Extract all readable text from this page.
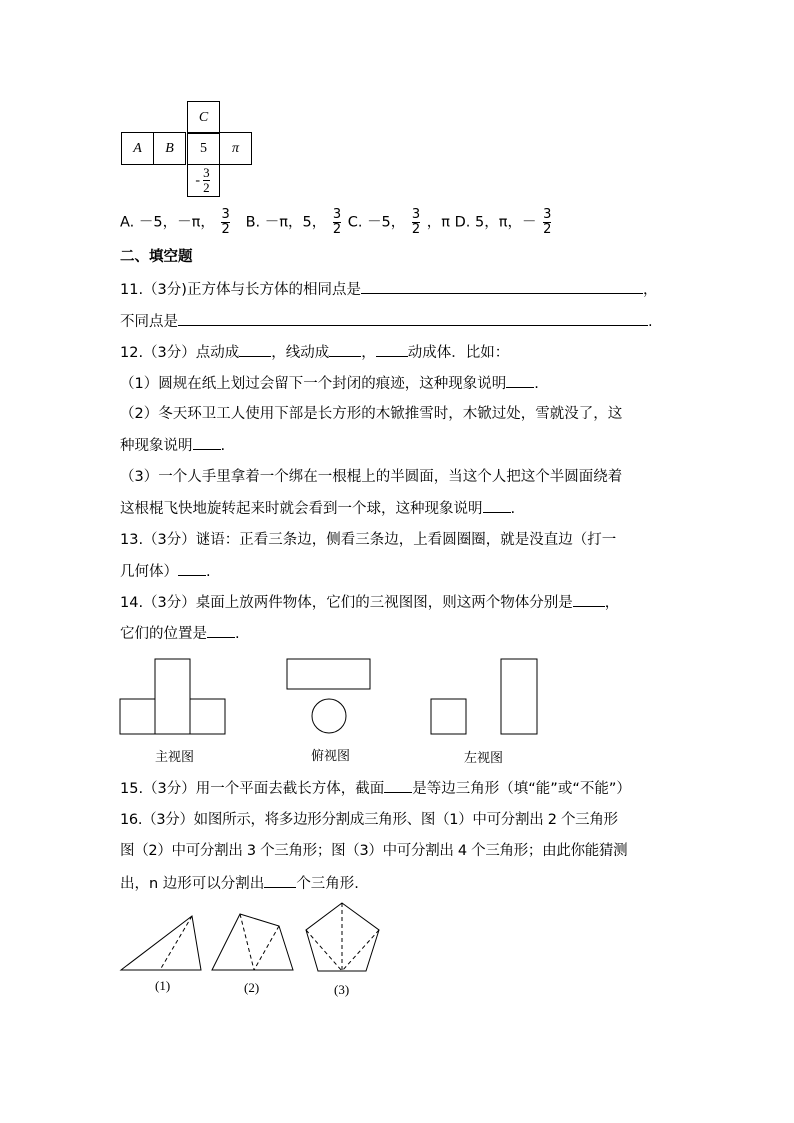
C
A	B	5	π
- $\frac{3}{2}$
A. －5，－π， $\frac{3}{2} B$. －π，5， $\frac{3}{2} C$. －5， $\frac{3}{2}$ ，π D. 5，π，－ $\frac{3}{2}$
二、填空题
11.（3分)正方体与长方体的相同点是	，
不同点是	.
12.（3分）点动成 ，线动成 ， 动成体．比如：
（1）圆规在纸上划过会留下一个封闭的痕迹，这种现象说明 .
（2）冬天环卫工人使用下部是长方形的木锨推雪时，木锨过处，雪就没了，这
种现象说明 .
（3）一个人手里拿着一个绑在一根棍上的半圆面，当这个人把这个半圆面绕着
这根棍飞快地旋转起来时就会看到一个球，这种现象说明 .
13.（3分）谜语：正看三条边，侧看三条边，上看圆圈圈，就是没直边（打一
几何体） .
14.（3分）桌面上放两件物体，它们的三视图图，则这两个物体分别是 ，
它们的位置是 .
主视图	俯视图	左视图
15.（3分）用一个平面去截长方体，截面 是等边三角形（填“能”或“不能”）
16.（3分）如图所示，将多边形分割成三角形、图（1）中可分割出 2 个三角形
图（2）中可分割出 3 个三角形；图（3）中可分割出 4 个三角形；由此你能猜测
出，n 边形可以分割出 个三角形.
(1)	(2)	(3)
